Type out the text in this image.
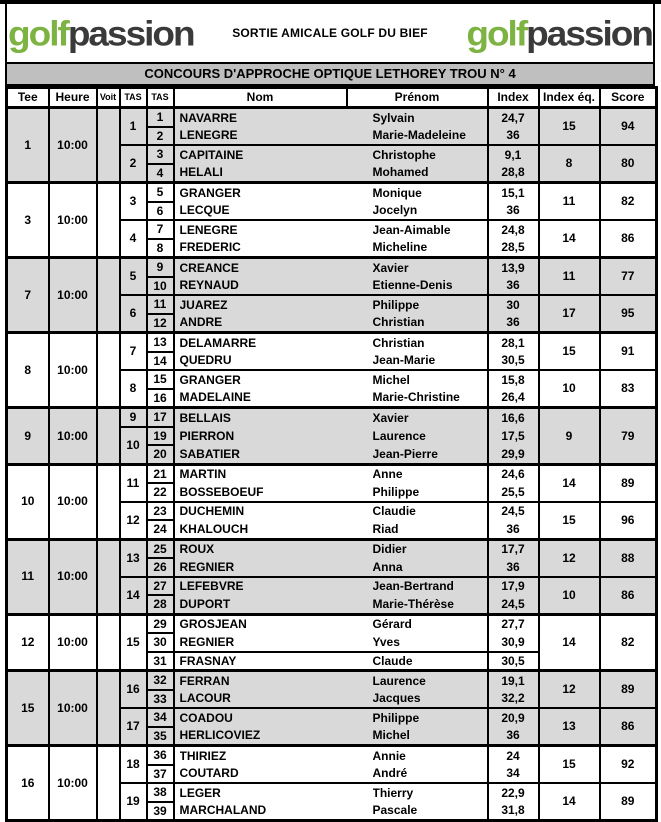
golfpassion	SORTIE AMICALE GOLF DU BIEF golfpassion
CONCOURS D'APPROCHE OPTIQUE LETHOREY TROU N° 4
Tee	Heure	Voit	TAS	TAS	Nom	Prénom	Index	Index éq.	Score
1	10:00		1	1	NAVARRE Sylvain		24,7	15	94
				2	LENEGRE Marie-Madeleine		36		
			2	3	CAPITAINE Christophe		9,1	8	80
				4	HELALI Mohamed		28,8		
3	10:00		3	5	GRANGER Monique		15,1	11	82
				6	LECQUE Jocelyn		36		
			4	7	LENEGRE Jean-Aimable		24,8	14	86
				8	FREDERIC Micheline		28,5		
7	10:00		5	9	CREANCE Xavier		13,9	11	77
				10	REYNAUD Etienne-Denis		36		
			6	11	JUAREZ Philippe		30	17	95
				12	ANDRE Christian		36		
8	10:00		7	13	DELAMARRE Christian		28,1	15	91
				14	QUEDRU Jean-Marie		30,5		
			8	15	GRANGER Michel		15,8	10	83
				16	MADELAINE Marie-Christine		26,4		
9	10:00		9	17	BELLAIS Xavier		16,6	9	79
			10	19	PIERRON Laurence		17,5		
				20	SABATIER Jean-Pierre		29,9		
10	10:00		11	21	MARTIN Anne		24,6	14	89
				22	BOSSEBOEUF Philippe		25,5		
			12	23	DUCHEMIN Claudie		24,5	15	96
				24	KHALOUCH Riad		36		
11	10:00		13	25	ROUX Didier		17,7	12	88
				26	REGNIER Anna		36		
			14	27	LEFEBVRE Jean-Bertrand		17,9	10	86
				28	DUPORT Marie-Thérèse		24,5		
12	10:00		15	29	GROSJEAN Gérard		27,7	14	82
				30	REGNIER Yves		30,9		
				31	FRASNAY Claude		30,5		
15	10:00		16	32	FERRAN Laurence		19,1	12	89
				33	LACOUR Jacques		32,2		
			17	34	COADOU Philippe		20,9	13	86
				35	HERLICOVIEZ Michel		36		
16	10:00		18	36	THIRIEZ Annie		24	15	92
				37	COUTARD André		34		
			19	38	LEGER Thierry		22,9	14	89
				39	MARCHALAND Pascale		31,8		
